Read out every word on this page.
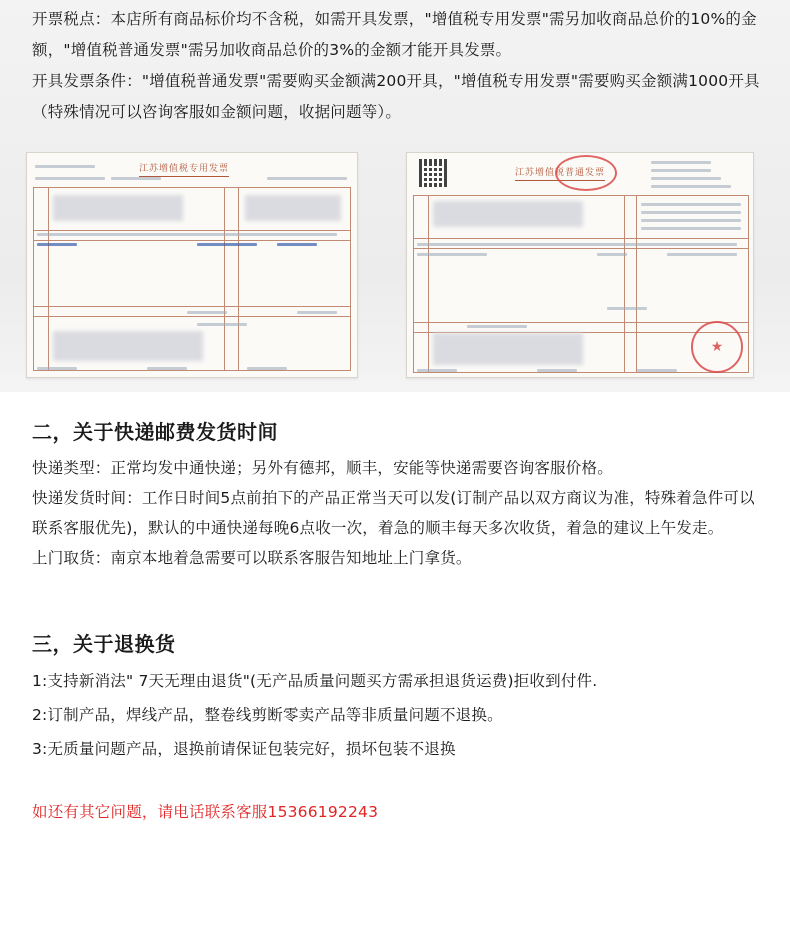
开票税点：本店所有商品标价均不含税，如需开具发票，"增值税专用发票"需另加收商品总价的10%的金额，"增值税普通发票"需另加收商品总价的3%的金额才能开具发票。

开具发票条件："增值税普通发票"需要购买金额满200开具，"增值税专用发票"需要购买金额满1000开具（特殊情况可以咨询客服如金额问题，收据问题等）。

江苏增值税专用发票	江苏增值税普通发票
★
二，关于快递邮费发货时间

快递类型：正常均发中通快递；另外有德邦，顺丰，安能等快递需要咨询客服价格。

快递发货时间：工作日时间5点前拍下的产品正常当天可以发(订制产品以双方商议为准，特殊着急件可以联系客服优先)，默认的中通快递每晚6点收一次，着急的顺丰每天多次收货，着急的建议上午发走。

上门取货：南京本地着急需要可以联系客服告知地址上门拿货。

三，关于退换货

1:支持新消法" 7天无理由退货"(无产品质量问题买方需承担退货运费)拒收到付件.

2:订制产品，焊线产品，整卷线剪断零卖产品等非质量问题不退换。

3:无质量问题产品，退换前请保证包装完好，损坏包装不退换

如还有其它问题，请电话联系客服15366192243
